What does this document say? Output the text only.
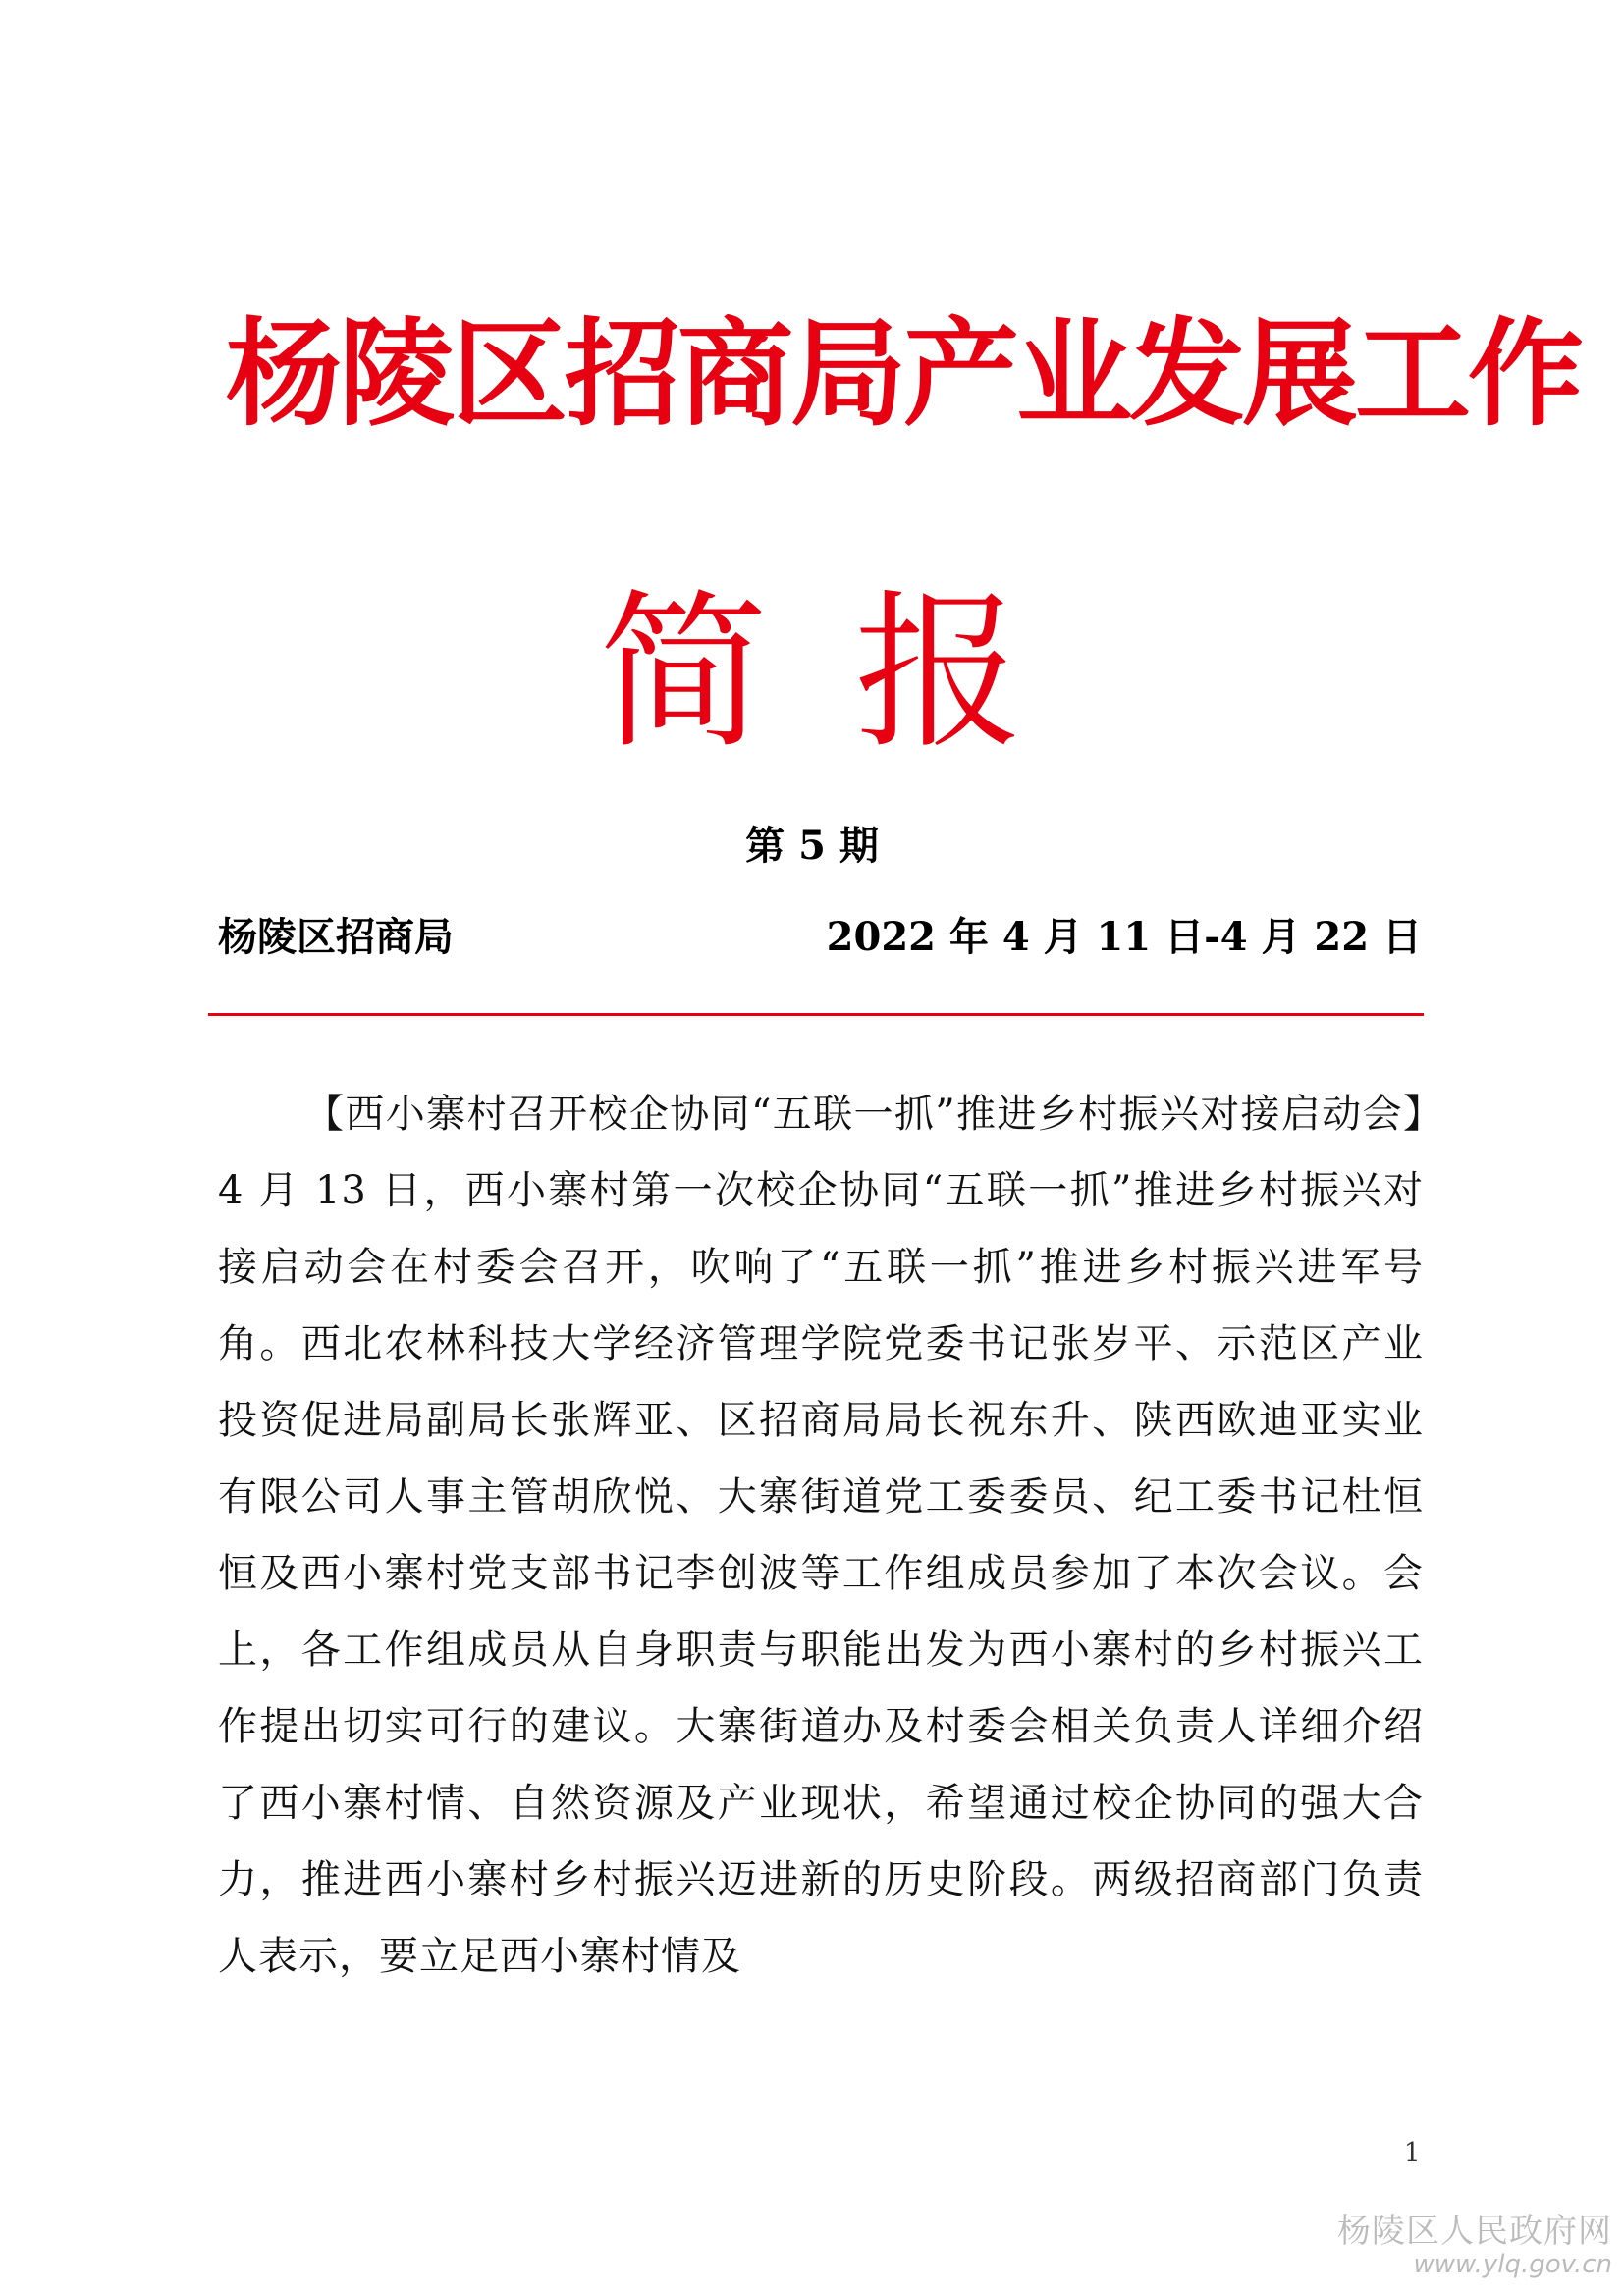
杨陵区招商局产业发展工作
简报
第 5 期
杨陵区招商局	2022 年 4 月 11 日-4 月 22 日
【西小寨村召开校企协同“五联一抓”推进乡村振兴对接启动会】4 月 13 日，西小寨村第一次校企协同“五联一抓”推进乡村振兴对接启动会在村委会召开，吹响了“五联一抓”推进乡村振兴进军号角。西北农林科技大学经济管理学院党委书记张岁平、示范区产业投资促进局副局长张辉亚、区招商局局长祝东升、陕西欧迪亚实业有限公司人事主管胡欣悦、大寨街道党工委委员、纪工委书记杜恒恒及西小寨村党支部书记李创波等工作组成员参加了本次会议。会上，各工作组成员从自身职责与职能出发为西小寨村的乡村振兴工作提出切实可行的建议。大寨街道办及村委会相关负责人详细介绍了西小寨村情、自然资源及产业现状，希望通过校企协同的强大合力，推进西小寨村乡村振兴迈进新的历史阶段。两级招商部门负责人表示，要立足西小寨村情及
1
杨陵区人民政府网
www.ylq.gov.cn
